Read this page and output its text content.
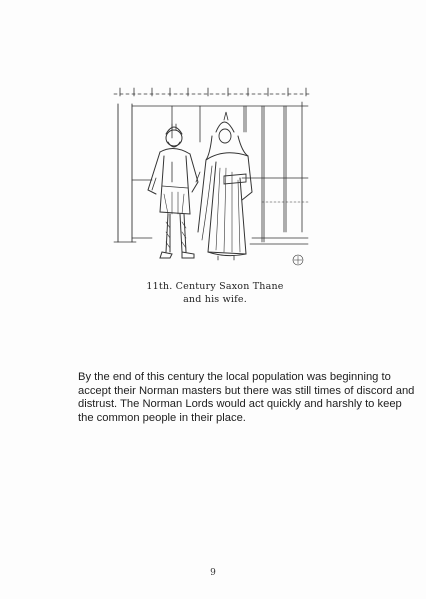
11th. Century Saxon Thane
and his wife.
By the end of this century the local population was beginning to
accept their Norman masters but there was still times of discord and
distrust. The Norman Lords would act quickly and harshly to keep
the common people in their place.
9
